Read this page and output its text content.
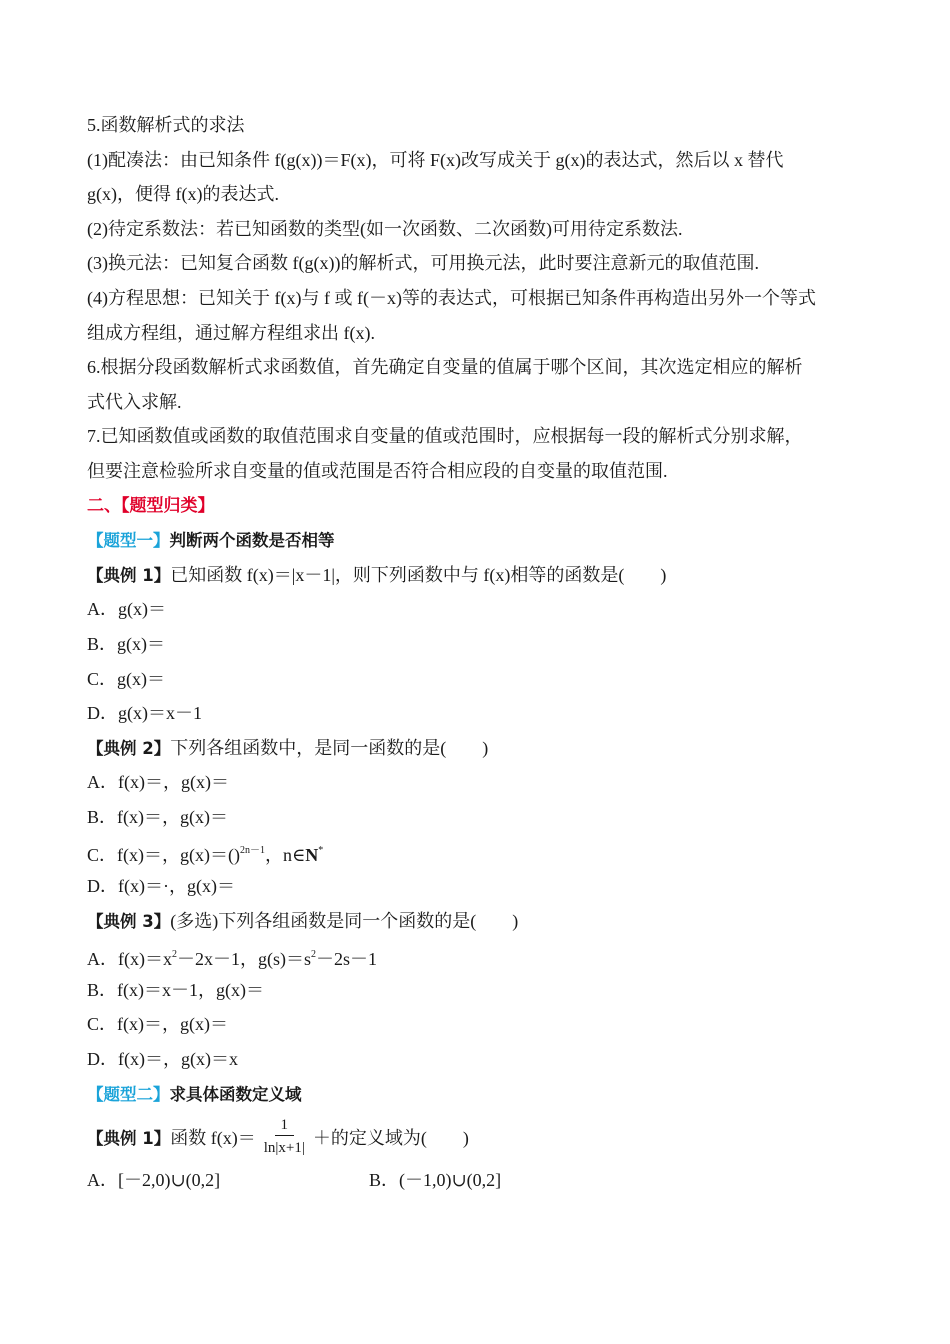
5.函数解析式的求法
(1)配凑法：由已知条件 f(g(x))＝F(x)，可将 F(x)改写成关于 g(x)的表达式，然后以 x 替代
g(x)，便得 f(x)的表达式.
(2)待定系数法：若已知函数的类型(如一次函数、二次函数)可用待定系数法.
(3)换元法：已知复合函数 f(g(x))的解析式，可用换元法，此时要注意新元的取值范围.
(4)方程思想：已知关于 f(x)与 f 或 f(－x)等的表达式，可根据已知条件再构造出另外一个等式
组成方程组，通过解方程组求出 f(x).
6.根据分段函数解析式求函数值，首先确定自变量的值属于哪个区间，其次选定相应的解析
式代入求解.
7.已知函数值或函数的取值范围求自变量的值或范围时，应根据每一段的解析式分别求解，
但要注意检验所求自变量的值或范围是否符合相应段的自变量的取值范围.
二、【题型归类】
【题型一】判断两个函数是否相等
【典例 1】已知函数 f(x)＝|x－1|，则下列函数中与 f(x)相等的函数是(　　)
A．g(x)＝
B．g(x)＝
C．g(x)＝
D．g(x)＝x－1
【典例 2】下列各组函数中，是同一函数的是(　　)
A．f(x)＝，g(x)＝
B．f(x)＝，g(x)＝
C．f(x)＝，g(x)＝()$^{2n-1}$，n∈N*
D．f(x)＝·，g(x)＝
【典例 3】(多选)下列各组函数是同一个函数的是(　　)
A．$f(x)=x^2-2x-1$，$g(s)=s^2-2s-1$
B．f(x)＝x－1，g(x)＝
C．f(x)＝，g(x)＝
D．f(x)＝，g(x)＝x
【题型二】求具体函数定义域
【典例 1】 函数 $f(x)= \frac{1}{\ln|x+1|}$ ＋的定义域为(　　)
A．[－2,0)∪(0,2]	B．(－1,0)∪(0,2]
